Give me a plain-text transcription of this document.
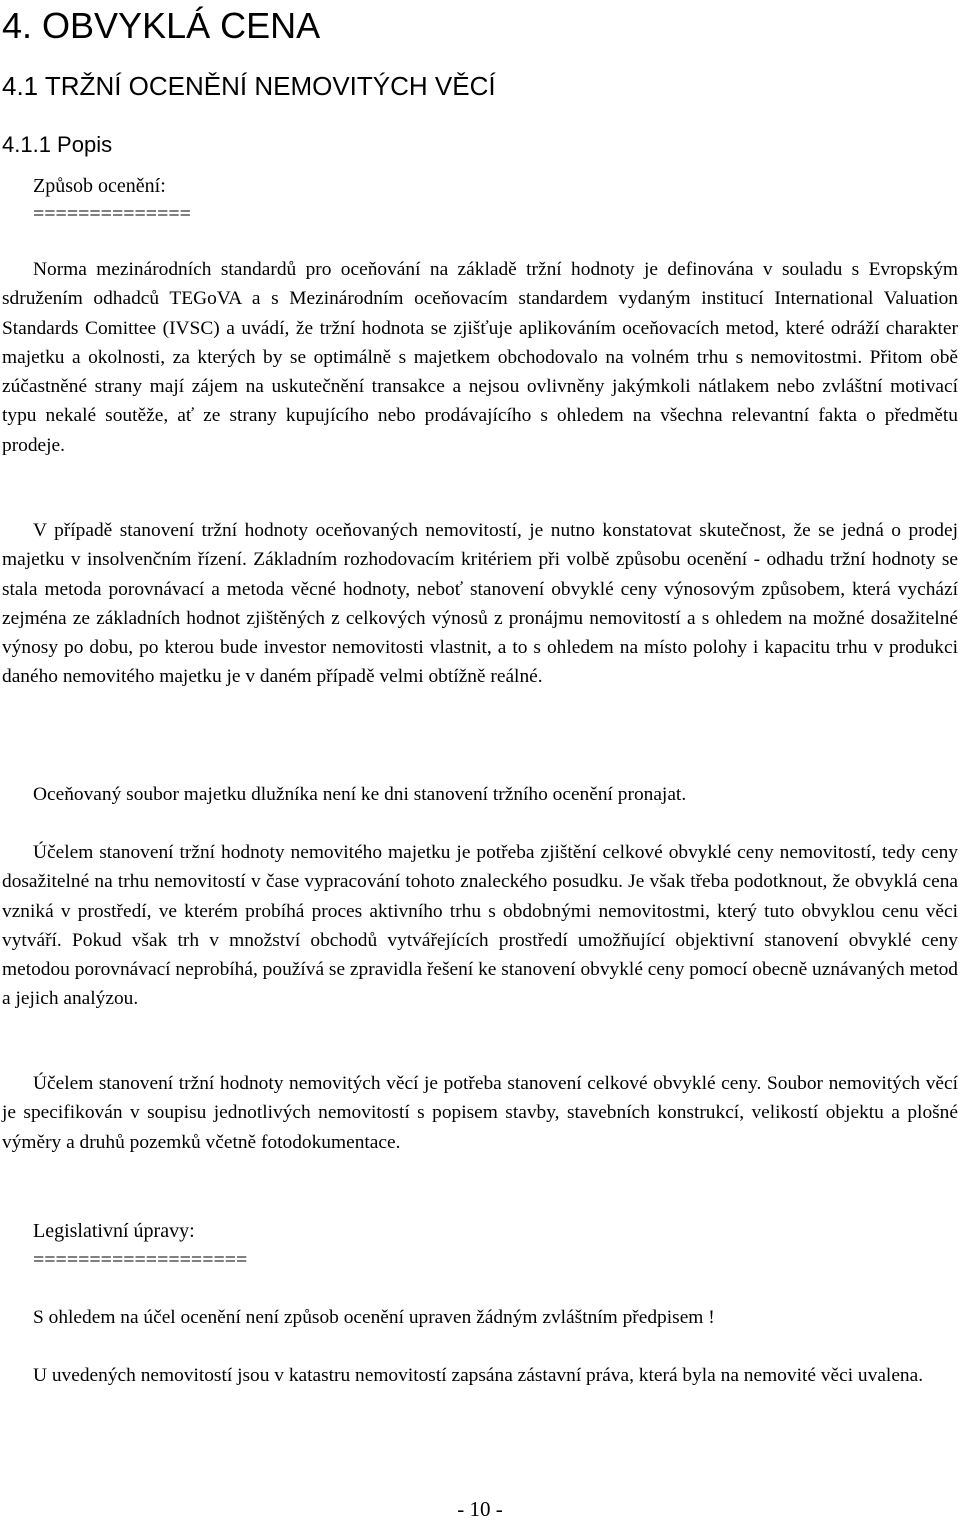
4. OBVYKLÁ CENA
4.1 TRŽNÍ OCENĚNÍ NEMOVITÝCH VĚCÍ
4.1.1 Popis

Způsob ocenění:

==============

Norma mezinárodních standardů pro oceňování na základě tržní hodnoty je definována v souladu s Evropským sdružením odhadců TEGoVA a s Mezinárodním oceňovacím standardem vydaným institucí International Valuation Standards Comittee (IVSC) a uvádí, že tržní hodnota se zjišťuje aplikováním oceňovacích metod, které odráží charakter majetku a okolnosti, za kterých by se optimálně s majetkem obchodovalo na volném trhu s nemovitostmi. Přitom obě zúčastněné strany mají zájem na uskutečnění transakce a nejsou ovlivněny jakýmkoli nátlakem nebo zvláštní motivací typu nekalé soutěže, ať ze strany kupujícího nebo prodávajícího s ohledem na všechna relevantní fakta o předmětu prodeje.

V případě stanovení tržní hodnoty oceňovaných nemovitostí, je nutno konstatovat skutečnost, že se jedná o prodej majetku v insolvenčním řízení. Základním rozhodovacím kritériem při volbě způsobu ocenění - odhadu tržní hodnoty se stala metoda porovnávací a metoda věcné hodnoty, neboť stanovení obvyklé ceny výnosovým způsobem, která vychází zejména ze základních hodnot zjištěných z celkových výnosů z pronájmu nemovitostí a s ohledem na možné dosažitelné výnosy po dobu, po kterou bude investor nemovitosti vlastnit, a to s ohledem na místo polohy i kapacitu trhu v produkci daného nemovitého majetku je v daném případě velmi obtížně reálné.

Oceňovaný soubor majetku dlužníka není ke dni stanovení tržního ocenění pronajat.

Účelem stanovení tržní hodnoty nemovitého majetku je potřeba zjištění celkové obvyklé ceny nemovitostí, tedy ceny dosažitelné na trhu nemovitostí v čase vypracování tohoto znaleckého posudku. Je však třeba podotknout, že obvyklá cena vzniká v prostředí, ve kterém probíhá proces aktivního trhu s obdobnými nemovitostmi, který tuto obvyklou cenu věci vytváří. Pokud však trh v množství obchodů vytvářejících prostředí umožňující objektivní stanovení obvyklé ceny metodou porovnávací neprobíhá, používá se zpravidla řešení ke stanovení obvyklé ceny pomocí obecně uznávaných metod a jejich analýzou.

Účelem stanovení tržní hodnoty nemovitých věcí je potřeba stanovení celkové obvyklé ceny. Soubor nemovitých věcí je specifikován v soupisu jednotlivých nemovitostí s popisem stavby, stavebních konstrukcí, velikostí objektu a plošné výměry a druhů pozemků včetně fotodokumentace.

Legislativní úpravy:

===================

S ohledem na účel ocenění není způsob ocenění upraven žádným zvláštním předpisem !

U uvedených nemovitostí jsou v katastru nemovitostí zapsána zástavní práva, která byla na nemovité věci uvalena.

- 10 -
